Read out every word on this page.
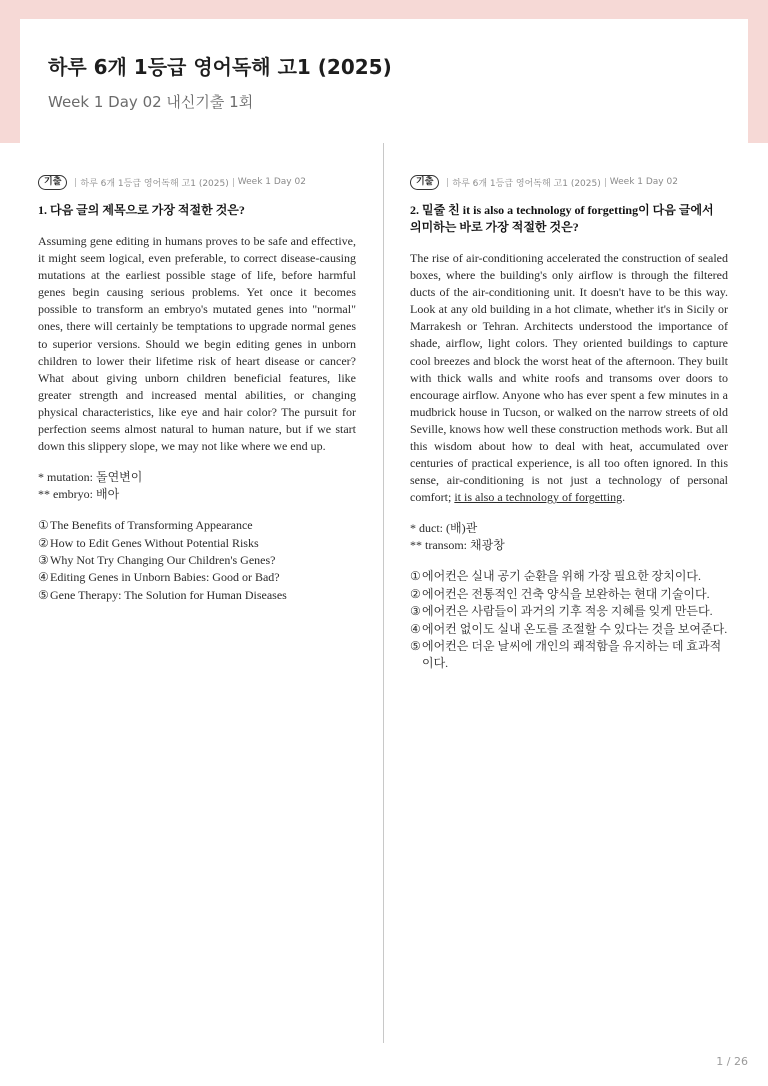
하루 6개 1등급 영어독해 고1 (2025)
Week 1 Day 02 내신기출 1회
기출	하루 6개 1등급 영어독해 고1 (2025) Week 1 Day 02

1. 다음 글의 제목으로 가장 적절한 것은?

Assuming gene editing in humans proves to be safe and effective, it might seem logical, even preferable, to correct disease-causing mutations at the earliest possible stage of life, before harmful genes begin causing serious problems. Yet once it becomes possible to transform an embryo's mutated genes into "normal" ones, there will certainly be temptations to upgrade normal genes to superior versions. Should we begin editing genes in unborn children to lower their lifetime risk of heart disease or cancer? What about giving unborn children beneficial features, like greater strength and increased mental abilities, or changing physical characteristics, like eye and hair color? The pursuit for perfection seems almost natural to human nature, but if we start down this slippery slope, we may not like where we end up.

* mutation: 돌연변이
** embryo: 배아
① The Benefits of Transforming Appearance
② How to Edit Genes Without Potential Risks
③ Why Not Try Changing Our Children's Genes?
④ Editing Genes in Unborn Babies: Good or Bad?
⑤ Gene Therapy: The Solution for Human Diseases
기출	하루 6개 1등급 영어독해 고1 (2025) Week 1 Day 02

2. 밑줄 친 it is also a technology of forgetting이 다음 글에서 의미하는 바로 가장 적절한 것은?

The rise of air-conditioning accelerated the construction of sealed boxes, where the building's only airflow is through the filtered ducts of the air-conditioning unit. It doesn't have to be this way. Look at any old building in a hot climate, whether it's in Sicily or Marrakesh or Tehran. Architects understood the importance of shade, airflow, light colors. They oriented buildings to capture cool breezes and block the worst heat of the afternoon. They built with thick walls and white roofs and transoms over doors to encourage airflow. Anyone who has ever spent a few minutes in a mudbrick house in Tucson, or walked on the narrow streets of old Seville, knows how well these construction methods work. But all this wisdom about how to deal with heat, accumulated over centuries of practical experience, is all too often ignored. In this sense, air-conditioning is not just a technology of personal comfort; it is also a technology of forgetting.

* duct: (배)관
** transom: 채광창
① 에어컨은 실내 공기 순환을 위해 가장 필요한 장치이다.
② 에어컨은 전통적인 건축 양식을 보완하는 현대 기술이다.
③ 에어컨은 사람들이 과거의 기후 적응 지혜를 잊게 만든다.
④ 에어컨 없이도 실내 온도를 조절할 수 있다는 것을 보여준다.
⑤ 에어컨은 더운 날씨에 개인의 쾌적함을 유지하는 데 효과적이다.
1 / 26
